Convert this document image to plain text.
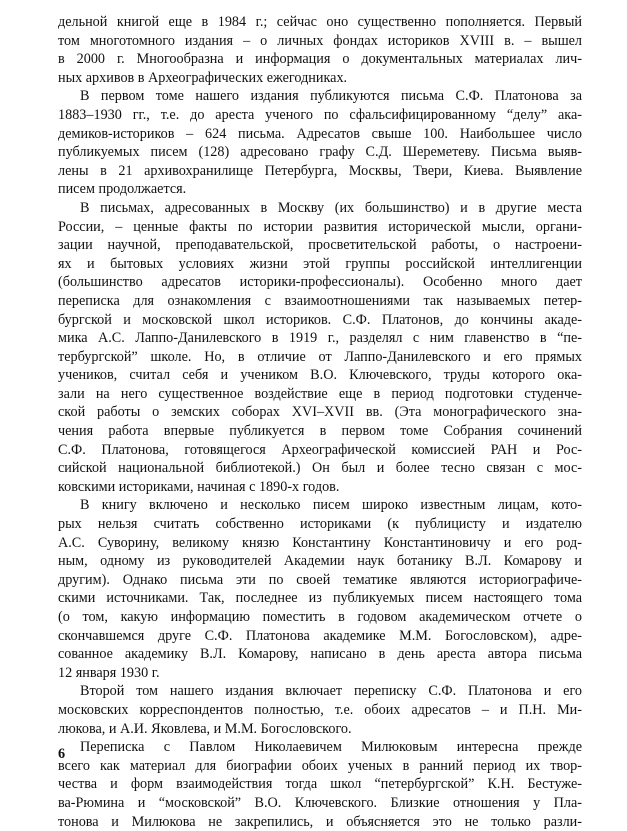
дельной книгой еще в 1984 г.; сейчас оно существенно пополняется. Первый
том многотомного издания – о личных фондах историков XVIII в. – вышел
в 2000 г. Многообразна и информация о документальных материалах лич-
ных архивов в Археографических ежегодниках.
В первом томе нашего издания публикуются письма С.Ф. Платонова за
1883–1930 гг., т.е. до ареста ученого по сфальсифицированному “делу” ака-
демиков-историков – 624 письма. Адресатов свыше 100. Наибольшее число
публикуемых писем (128) адресовано графу С.Д. Шереметеву. Письма выяв-
лены в 21 архивохранилище Петербурга, Москвы, Твери, Киева. Выявление
писем продолжается.
В письмах, адресованных в Москву (их большинство) и в другие места
России, – ценные факты по истории развития исторической мысли, органи-
зации научной, преподавательской, просветительской работы, о настроени-
ях и бытовых условиях жизни этой группы российской интеллигенции
(большинство адресатов историки-профессионалы). Особенно много дает
переписка для ознакомления с взаимоотношениями так называемых петер-
бургской и московской школ историков. С.Ф. Платонов, до кончины акаде-
мика А.С. Лаппо-Данилевского в 1919 г., разделял с ним главенство в “пе-
тербургской” школе. Но, в отличие от Лаппо-Данилевского и его прямых
учеников, считал себя и учеником В.О. Ключевского, труды которого ока-
зали на него существенное воздействие еще в период подготовки студенче-
ской работы о земских соборах XVI–XVII вв. (Эта монографического зна-
чения работа впервые публикуется в первом томе Собрания сочинений
С.Ф. Платонова, готовящегося Археографической комиссией РАН и Рос-
сийской национальной библиотекой.) Он был и более тесно связан с мос-
ковскими историками, начиная с 1890-х годов.
В книгу включено и несколько писем широко известным лицам, кото-
рых нельзя считать собственно историками (к публицисту и издателю
А.С. Суворину, великому князю Константину Константиновичу и его род-
ным, одному из руководителей Академии наук ботанику В.Л. Комарову и
другим). Однако письма эти по своей тематике являются историографиче-
скими источниками. Так, последнее из публикуемых писем настоящего тома
(о том, какую информацию поместить в годовом академическом отчете о
скончавшемся друге С.Ф. Платонова академике М.М. Богословском), адре-
сованное академику В.Л. Комарову, написано в день ареста автора письма
12 января 1930 г.
Второй том нашего издания включает переписку С.Ф. Платонова и его
московских корреспондентов полностью, т.е. обоих адресатов – и П.Н. Ми-
люкова, и А.И. Яковлева, и М.М. Богословского.
Переписка с Павлом Николаевичем Милюковым интересна прежде
всего как материал для биографии обоих ученых в ранний период их твор-
чества и форм взаимодействия тогда школ “петербургской” К.Н. Бестуже-
ва-Рюмина и “московской” В.О. Ключевского. Близкие отношения у Пла-
тонова и Милюкова не закрепились, и объясняется это не только разли-
6
